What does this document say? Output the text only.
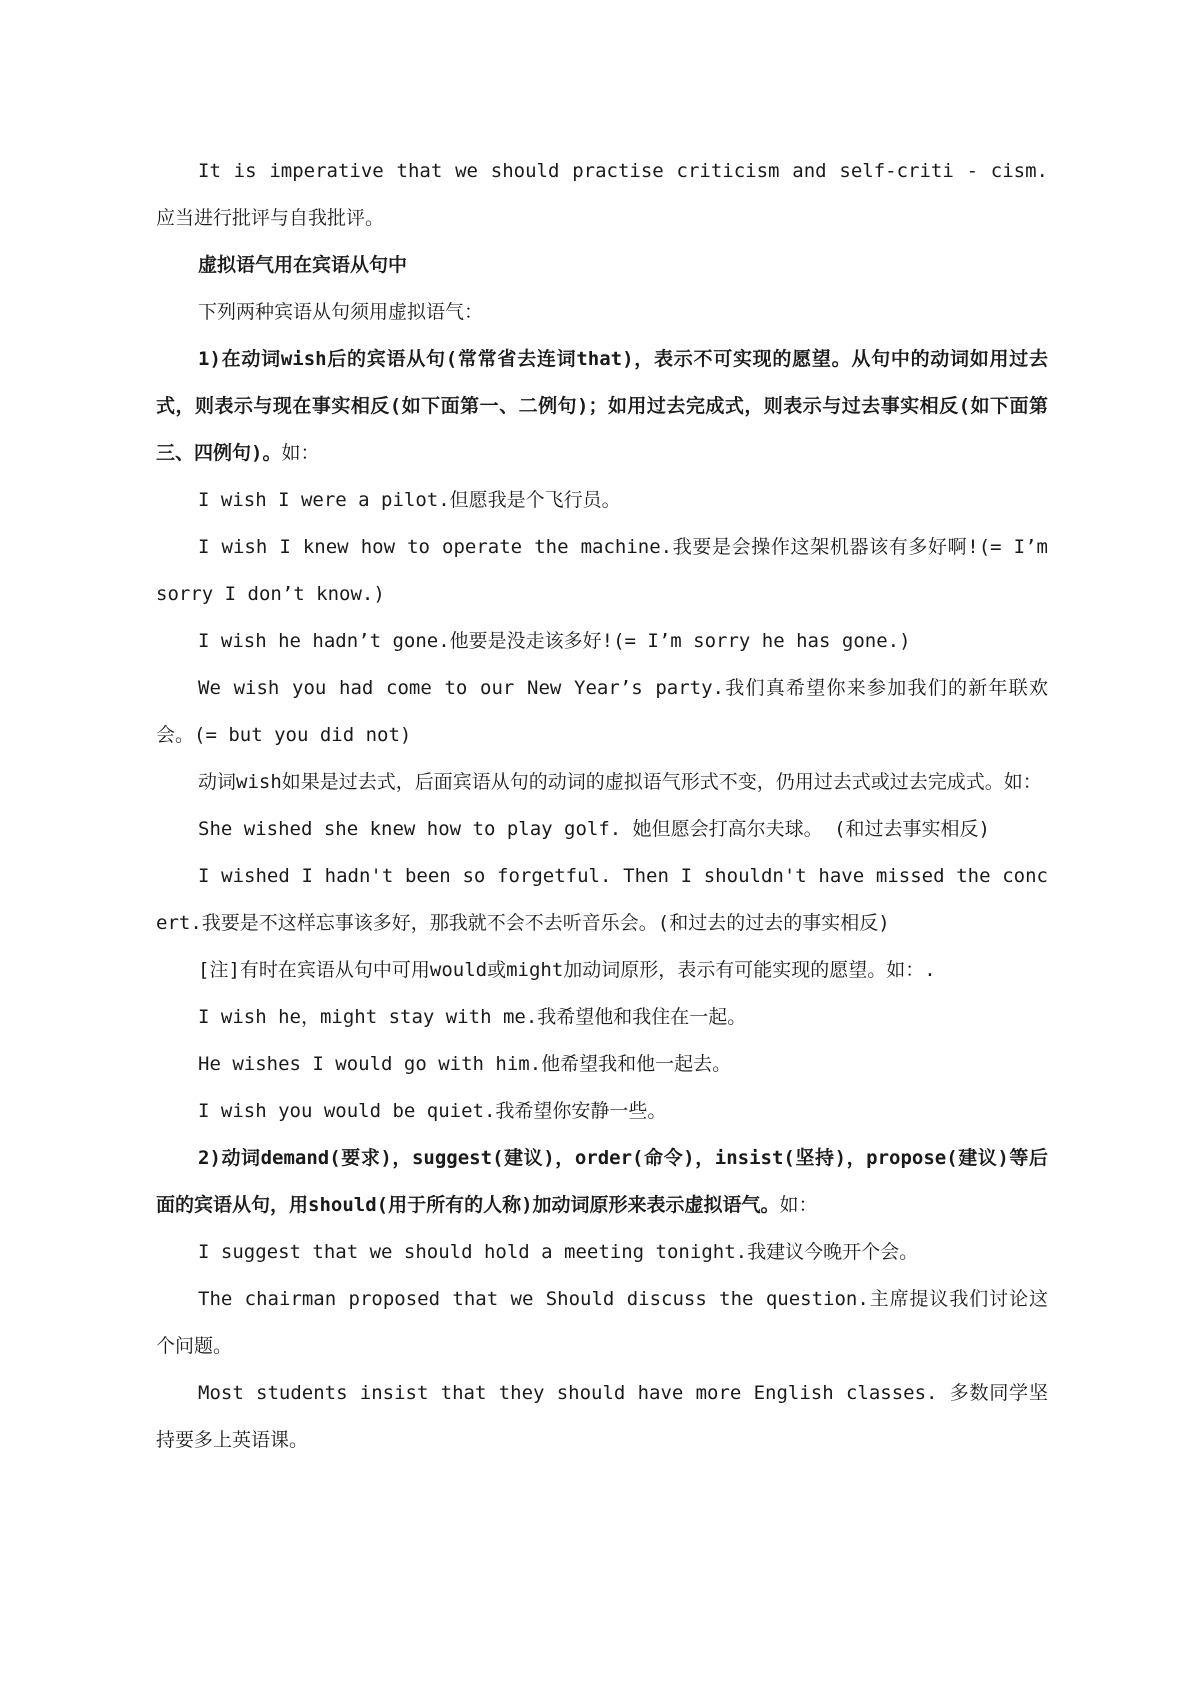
It is imperative that we should practise criticism and self-criti - cism. 应当进行批评与自我批评。

虚拟语气用在宾语从句中

下列两种宾语从句须用虚拟语气：

1)在动词wish后的宾语从句(常常省去连词that)，表示不可实现的愿望。从句中的动词如用过去式，则表示与现在事实相反(如下面第一、二例句)；如用过去完成式，则表示与过去事实相反(如下面第三、四例句)。如：

I wish I were a pilot.但愿我是个飞行员。

I wish I knew how to operate the machine.我要是会操作这架机器该有多好啊!(= I’m sorry I don’t know.)

I wish he hadn’t gone.他要是没走该多好!(= I’m sorry he has gone.)

We wish you had come to our New Year’s party.我们真希望你来参加我们的新年联欢会。(= but you did not)

动词wish如果是过去式，后面宾语从句的动词的虚拟语气形式不变，仍用过去式或过去完成式。如：

She wished she knew how to play golf. 她但愿会打高尔夫球。 (和过去事实相反)

I wished I hadn't been so forgetful. Then I shouldn't have missed the concert.我要是不这样忘事该多好，那我就不会不去听音乐会。(和过去的过去的事实相反)

[注]有时在宾语从句中可用would或might加动词原形，表示有可能实现的愿望。如：.

I wish he，might stay with me.我希望他和我住在一起。

He wishes I would go with him.他希望我和他一起去。

I wish you would be quiet.我希望你安静一些。

2)动词demand(要求)，suggest(建议)，order(命令)，insist(坚持)，propose(建议)等后面的宾语从句，用should(用于所有的人称)加动词原形来表示虚拟语气。如：

I suggest that we should hold a meeting tonight.我建议今晚开个会。

The chairman proposed that we Should discuss the question.主席提议我们讨论这个问题。

Most students insist that they should have more English classes. 多数同学坚持要多上英语课。
